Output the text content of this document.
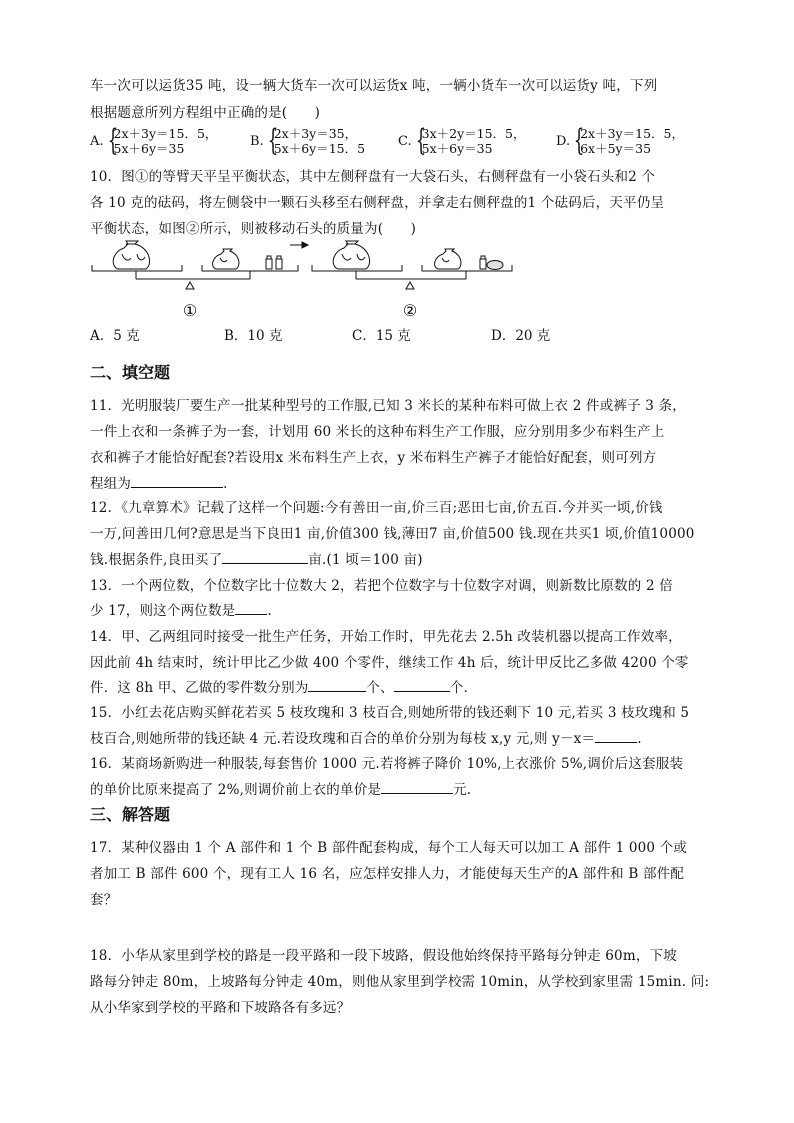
车一次可以运货35 吨，设一辆大货车一次可以运货x 吨，一辆小货车一次可以运货y 吨，下列
根据题意所列方程组中正确的是(　　)
A. {
2x＋3y＝15．5，
5x＋6y＝35	B. {
2x＋3y＝35，
5x＋6y＝15．5	C. {
3x＋2y＝15．5，
5x＋6y＝35	D. {
2x＋3y＝15．5，
6x＋5y＝35
10．图①的等臂天平呈平衡状态，其中左侧秤盘有一大袋石头，右侧秤盘有一小袋石头和2 个
各 10 克的砝码，将左侧袋中一颗石头移至右侧秤盘，并拿走右侧秤盘的1 个砝码后，天平仍呈
平衡状态，如图②所示，则被移动石头的质量为(　　)
①	②
A．5 克	B．10 克	C．15 克	D．20 克
二、填空题
11．光明服装厂要生产一批某种型号的工作服,已知 3 米长的某种布料可做上衣 2 件或裤子 3 条，
一件上衣和一条裤子为一套，计划用 60 米长的这种布料生产工作服，应分别用多少布料生产上
衣和裤子才能恰好配套?若设用x 米布料生产上衣，y 米布料生产裤子才能恰好配套，则可列方
程组为	.
12．《九章算术》记载了这样一个问题:今有善田一亩,价三百;恶田七亩,价五百.今并买一顷,价钱
一万,问善田几何?意思是当下良田1 亩,价值300 钱,薄田7 亩,价值500 钱.现在共买1 顷,价值10000
钱.根据条件,良田买了	亩.(1 顷＝100 亩)
13．一个两位数，个位数字比十位数大 2，若把个位数字与十位数字对调，则新数比原数的 2 倍
少 17，则这个两位数是 .
14．甲、乙两组同时接受一批生产任务，开始工作时，甲先花去 2.5h 改装机器以提高工作效率，
因此前 4h 结束时，统计甲比乙少做 400 个零件，继续工作 4h 后，统计甲反比乙多做 4200 个零
件．这 8h 甲、乙做的零件数分别为	个、	个．
15．小红去花店购买鲜花若买 5 枝玫瑰和 3 枝百合,则她所带的钱还剩下 10 元,若买 3 枝玫瑰和 5
枝百合,则她所带的钱还缺 4 元.若设玫瑰和百合的单价分别为每枝 x,y 元,则 y－x＝	.
16．某商场新购进一种服装,每套售价 1000 元.若将裤子降价 10%,上衣涨价 5%,调价后这套服装
的单价比原来提高了 2%,则调价前上衣的单价是	元.
三、解答题
17．某种仪器由 1 个 A 部件和 1 个 B 部件配套构成，每个工人每天可以加工 A 部件 1 000 个或
者加工 B 部件 600 个，现有工人 16 名，应怎样安排人力，才能使每天生产的A 部件和 B 部件配
套？
18．小华从家里到学校的路是一段平路和一段下坡路，假设他始终保持平路每分钟走 60m，下坡
路每分钟走 80m，上坡路每分钟走 40m，则他从家里到学校需 10min，从学校到家里需 15min. 问:
从小华家到学校的平路和下坡路各有多远？
